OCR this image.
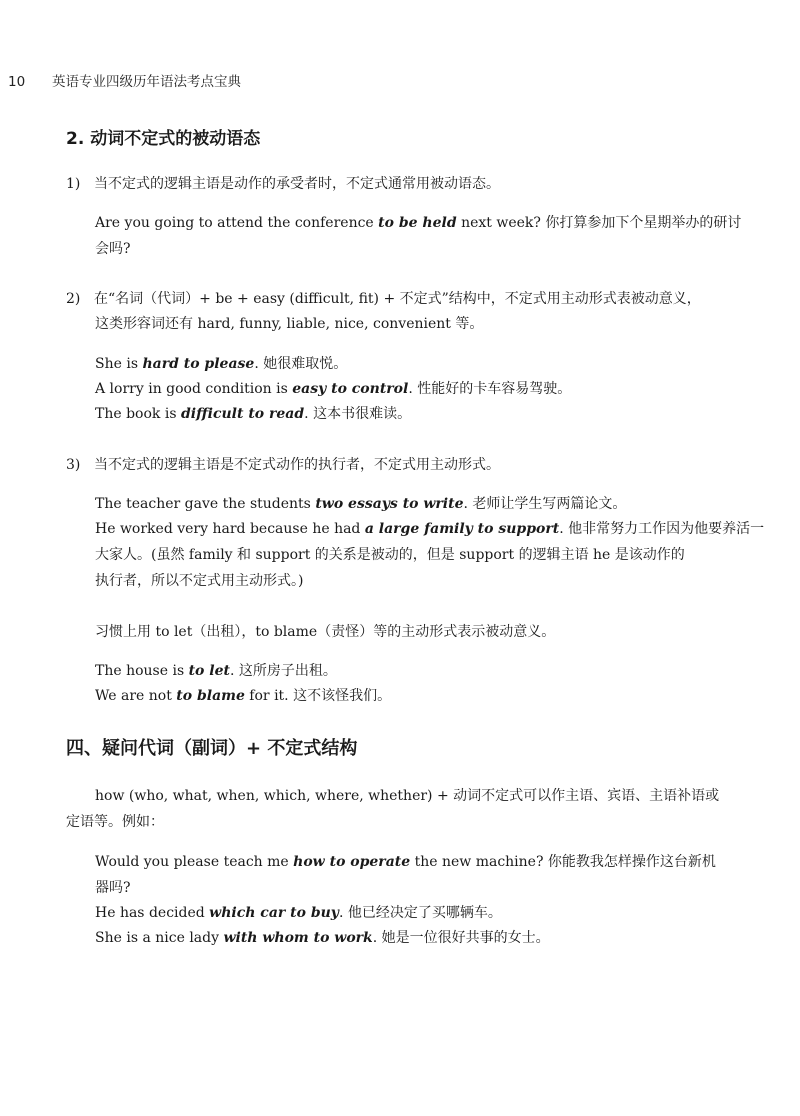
10 英语专业四级历年语法考点宝典
2. 动词不定式的被动语态
1) 当不定式的逻辑主语是动作的承受者时，不定式通常用被动语态。
Are you going to attend the conference to be held next week? 你打算参加下个星期举办的研讨
会吗?
2) 在“名词（代词）+ be + easy (difficult, fit) + 不定式”结构中，不定式用主动形式表被动意义，
这类形容词还有 hard, funny, liable, nice, convenient 等。
She is hard to please. 她很难取悦。
A lorry in good condition is easy to control. 性能好的卡车容易驾驶。
The book is difficult to read. 这本书很难读。
3) 当不定式的逻辑主语是不定式动作的执行者，不定式用主动形式。
The teacher gave the students two essays to write. 老师让学生写两篇论文。
He worked very hard because he had a large family to support. 他非常努力工作因为他要养活一
大家人。(虽然 family 和 support 的关系是被动的，但是 support 的逻辑主语 he 是该动作的
执行者，所以不定式用主动形式。)
习惯上用 to let（出租），to blame（责怪）等的主动形式表示被动意义。
The house is to let. 这所房子出租。
We are not to blame for it. 这不该怪我们。
四、疑问代词（副词）+ 不定式结构
how (who, what, when, which, where, whether) + 动词不定式可以作主语、宾语、主语补语或
定语等。例如：
Would you please teach me how to operate the new machine? 你能教我怎样操作这台新机
器吗?
He has decided which car to buy. 他已经决定了买哪辆车。
She is a nice lady with whom to work. 她是一位很好共事的女士。
